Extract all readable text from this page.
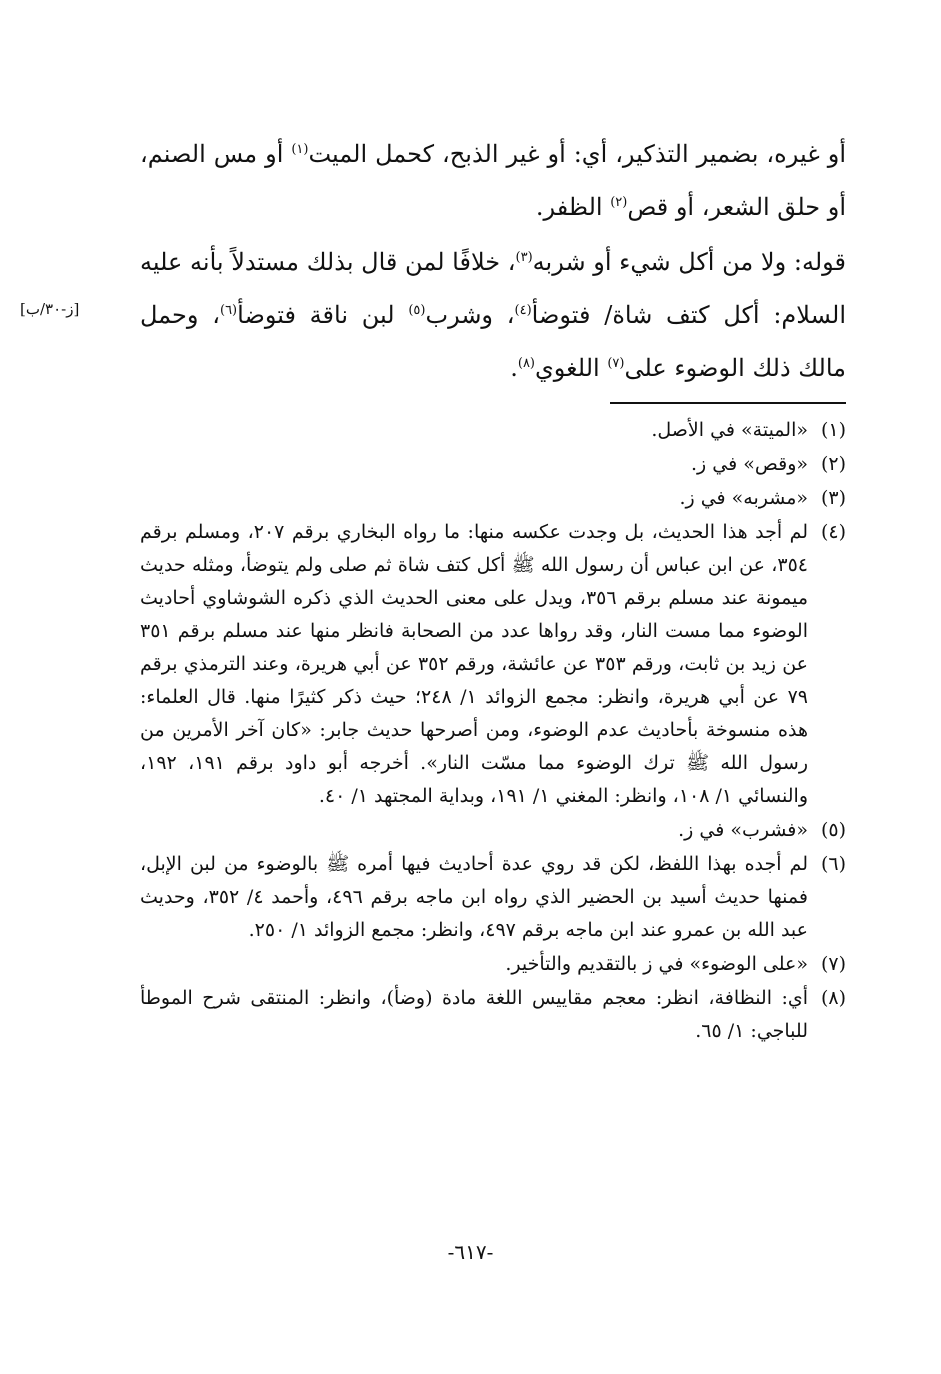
أو غيره، بضمير التذكير، أي: أو غير الذبح، كحمل الميت$^{(١)}$ أو مس الصنم، أو حلق الشعر، أو قص$^{(٢)}$ الظفر.

قوله: ولا من أكل شيء أو شربه$^{(٣)}$، خلافًا لمن قال بذلك مستدلاً بأنه عليه السلام: أكل كتف شاة/ فتوضأ$^{(٤)}$، وشرب$^{(٥)}$ لبن ناقة فتوضأ$^{(٦)}$، وحمل مالك ذلك الوضوء على$^{(٧)}$ اللغوي$^{(٨)}$.

[ز-٣٠/ب]
(١)
«الميتة» في الأصل.
(٢)
«وقص» في ز.
(٣)
«مشربه» في ز.
(٤)
لم أجد هذا الحديث، بل وجدت عكسه منها: ما رواه البخاري برقم ٢٠٧، ومسلم برقم ٣٥٤، عن ابن عباس أن رسول الله ﷺ أكل كتف شاة ثم صلى ولم يتوضأ، ومثله حديث ميمونة عند مسلم برقم ٣٥٦، ويدل على معنى الحديث الذي ذكره الشوشاوي أحاديث الوضوء مما مست النار، وقد رواها عدد من الصحابة فانظر منها عند مسلم برقم ٣٥١ عن زيد بن ثابت، ورقم ٣٥٣ عن عائشة، ورقم ٣٥٢ عن أبي هريرة، وعند الترمذي برقم ٧٩ عن أبي هريرة، وانظر: مجمع الزوائد ١/ ٢٤٨؛ حيث ذكر كثيرًا منها. قال العلماء: هذه منسوخة بأحاديث عدم الوضوء، ومن أصرحها حديث جابر: «كان آخر الأمرين من رسول الله ﷺ ترك الوضوء مما مسّت النار». أخرجه أبو داود برقم ١٩١، ١٩٢، والنسائي ١/ ١٠٨، وانظر: المغني ١/ ١٩١، وبداية المجتهد ١/ ٤٠.
(٥)
«فشرب» في ز.
(٦)
لم أجده بهذا اللفظ، لكن قد روي عدة أحاديث فيها أمره ﷺ بالوضوء من لبن الإبل، فمنها حديث أسيد بن الحضير الذي رواه ابن ماجه برقم ٤٩٦، وأحمد ٤/ ٣٥٢، وحديث عبد الله بن عمرو عند ابن ماجه برقم ٤٩٧، وانظر: مجمع الزوائد ١/ ٢٥٠.
(٧)
«على الوضوء» في ز بالتقديم والتأخير.
(٨)
أي: النظافة، انظر: معجم مقاييس اللغة مادة (وضأ)، وانظر: المنتقى شرح الموطأ للباجي: ١/ ٦٥.
-٦١٧-
